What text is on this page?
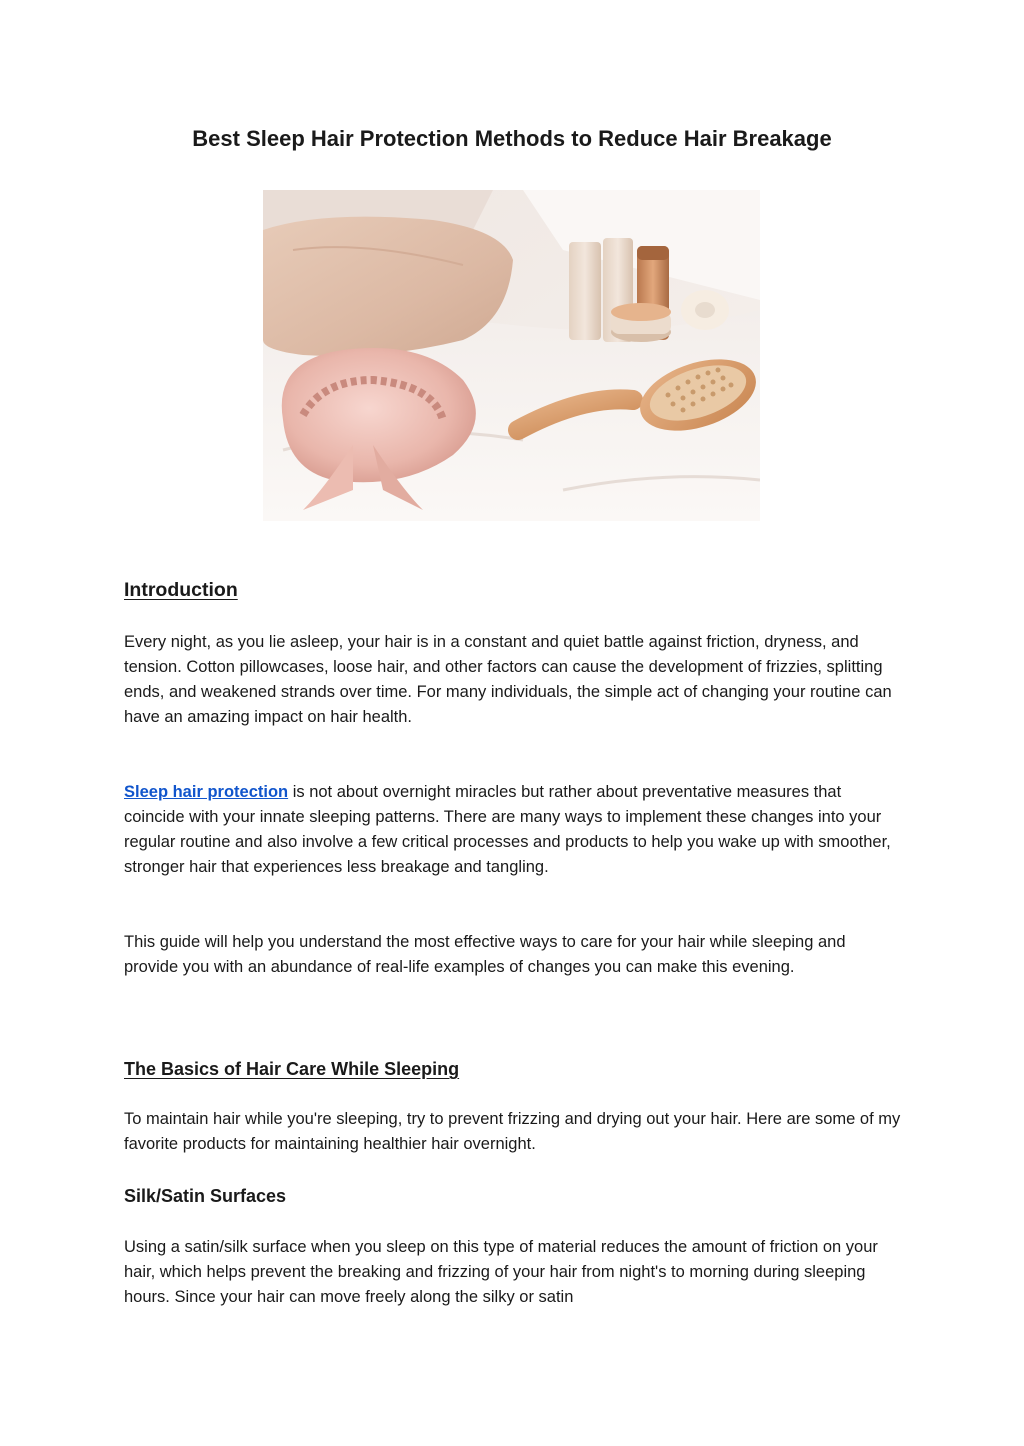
Best Sleep Hair Protection Methods to Reduce Hair Breakage
Introduction

Every night, as you lie asleep, your hair is in a constant and quiet battle against friction, dryness, and tension. Cotton pillowcases, loose hair, and other factors can cause the development of frizzies, splitting ends, and weakened strands over time. For many individuals, the simple act of changing your routine can have an amazing impact on hair health.

Sleep hair protection is not about overnight miracles but rather about preventative measures that coincide with your innate sleeping patterns. There are many ways to implement these changes into your regular routine and also involve a few critical processes and products to help you wake up with smoother, stronger hair that experiences less breakage and tangling.

This guide will help you understand the most effective ways to care for your hair while sleeping and provide you with an abundance of real-life examples of changes you can make this evening.

The Basics of Hair Care While Sleeping

To maintain hair while you're sleeping, try to prevent frizzing and drying out your hair. Here are some of my favorite products for maintaining healthier hair overnight.

Silk/Satin Surfaces

Using a satin/silk surface when you sleep on this type of material reduces the amount of friction on your hair, which helps prevent the breaking and frizzing of your hair from night's to morning during sleeping hours. Since your hair can move freely along the silky or satin
